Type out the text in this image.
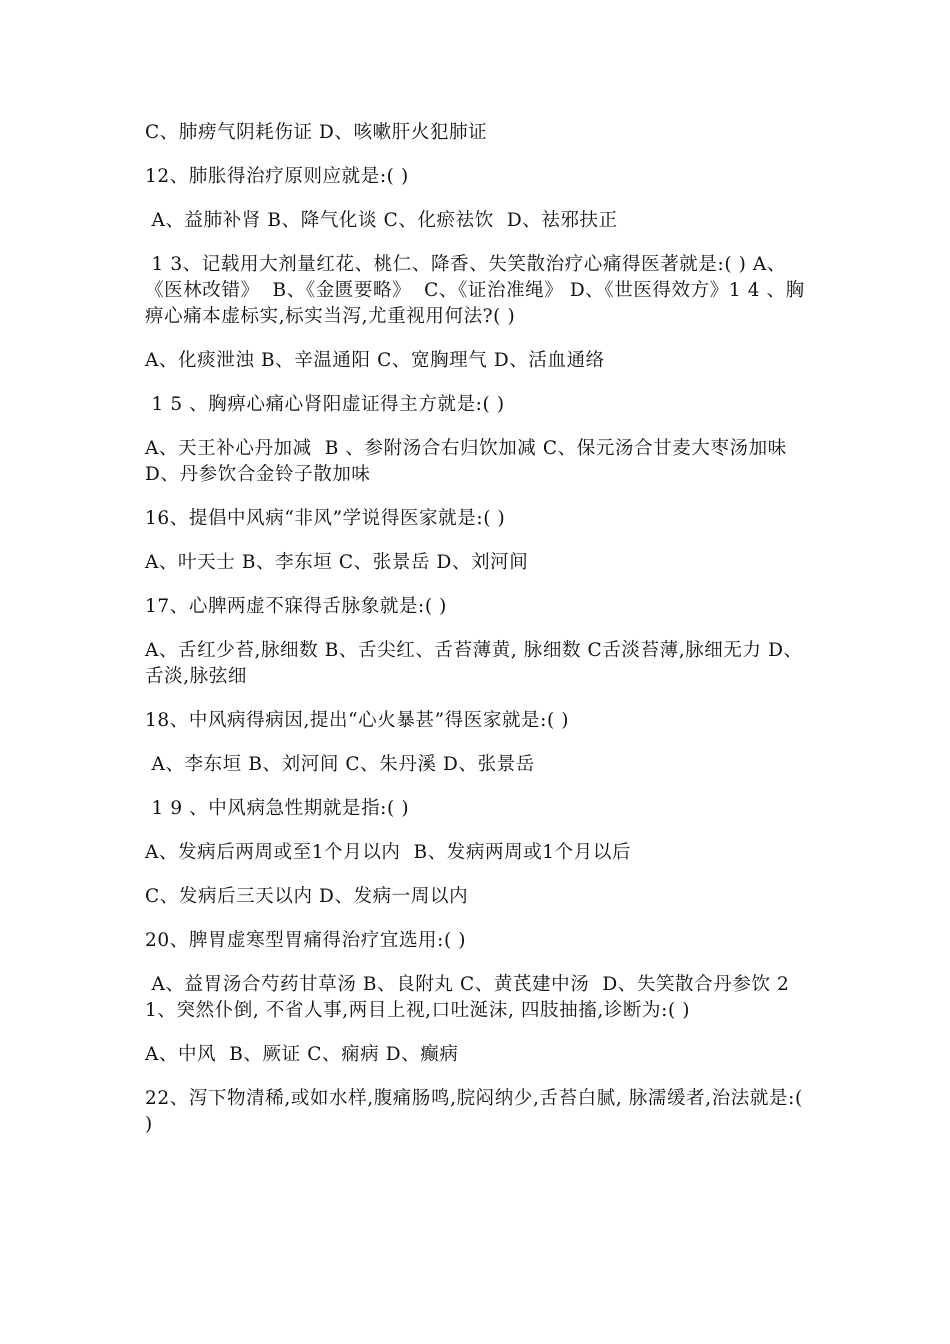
C、肺痨气阴耗伤证 D、咳嗽肝火犯肺证

12、肺胀得治疗原则应就是:( )

A、益肺补肾 B、降气化谈 C、化瘀祛饮  D、祛邪扶正

1 3、记载用大剂量红花、桃仁、降香、失笑散治疗心痛得医著就是:( ) A、《医林改错》  B、《金匮要略》  C、《证治准绳》 D、《世医得效方》1 4 、胸痹心痛本虚标实,标实当泻,尤重视用何法?( )

A、化痰泄浊 B、辛温通阳 C、宽胸理气 D、活血通络

1 5 、胸痹心痛心肾阳虚证得主方就是:( )

A、天王补心丹加减  B 、参附汤合右归饮加减 C、保元汤合甘麦大枣汤加味 D、丹参饮合金铃子散加味

16、提倡中风病“非风”学说得医家就是:( )

A、叶天士 B、李东垣 C、张景岳 D、刘河间

17、心脾两虚不寐得舌脉象就是:( )

A、舌红少苔,脉细数 B、舌尖红、舌苔薄黄, 脉细数 C舌淡苔薄,脉细无力 D、舌淡,脉弦细

18、中风病得病因,提出“心火暴甚”得医家就是:( )

A、李东垣 B、刘河间 C、朱丹溪 D、张景岳

1 9 、中风病急性期就是指:( )

A、发病后两周或至1个月以内  B、发病两周或1个月以后

C、发病后三天以内 D、发病一周以内

20、脾胃虚寒型胃痛得治疗宜选用:( )

A、益胃汤合芍药甘草汤 B、良附丸 C、黄芪建中汤  D、失笑散合丹参饮 21、突然仆倒, 不省人事,两目上视,口吐涎沫, 四肢抽搐,诊断为:( )

A、中风  B、厥证 C、痫病 D、癫病

22、泻下物清稀,或如水样,腹痛肠鸣,脘闷纳少,舌苔白腻, 脉濡缓者,治法就是:( )
